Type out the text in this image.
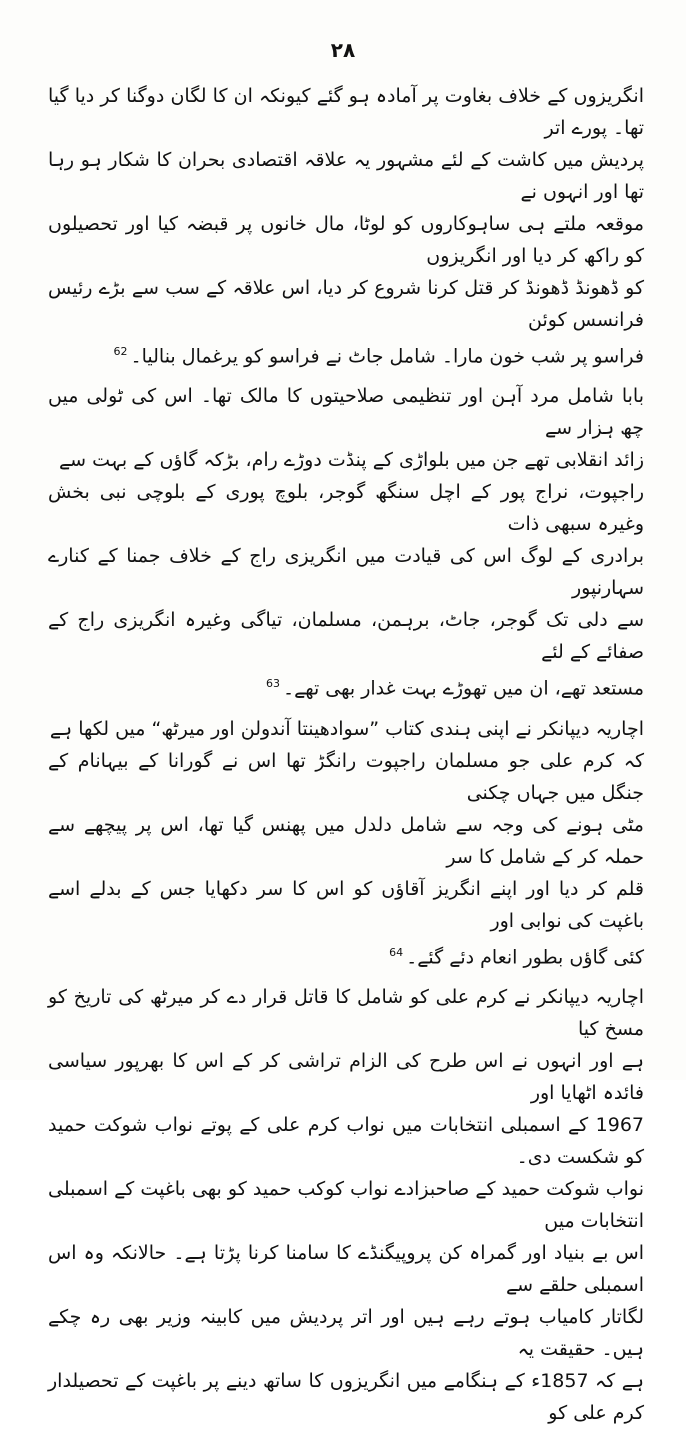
۲۸
انگریزوں کے خلاف بغاوت پر آمادہ ہو گئے کیونکہ ان کا لگان دوگنا کر دیا گیا تھا۔ پورے اتر
پردیش میں کاشت کے لئے مشہور یہ علاقہ اقتصادی بحران کا شکار ہو رہا تھا اور انہوں نے
موقعہ ملتے ہی ساہوکاروں کو لوٹا، مال خانوں پر قبضہ کیا اور تحصیلوں کو راکھ کر دیا اور انگریزوں
کو ڈھونڈ ڈھونڈ کر قتل کرنا شروع کر دیا، اس علاقہ کے سب سے بڑے رئیس فرانسس کوئن
فراسو پر شب خون مارا۔ شامل جاٹ نے فراسو کو یرغمال بنالیا۔$^{62}$
بابا شامل مرد آہن اور تنظیمی صلاحیتوں کا مالک تھا۔ اس کی ٹولی میں چھ ہزار سے
زائد انقلابی تھے جن میں بلواڑی کے پنڈت دوڑے رام، بڑکہ گاؤں کے بہت سے
راجپوت، نراج پور کے اچل سنگھ گوجر، بلوچ پوری کے بلوچی نبی بخش وغیرہ سبھی ذات
برادری کے لوگ اس کی قیادت میں انگریزی راج کے خلاف جمنا کے کنارے سہارنپور
سے دلی تک گوجر، جاٹ، برہمن، مسلمان، تیاگی وغیرہ انگریزی راج کے صفائے کے لئے
مستعد تھے، ان میں تھوڑے بہت غدار بھی تھے۔$^{63}$
اچاریہ دیپانکر نے اپنی ہندی کتاب ”سوادھینتا آندولن اور میرٹھ“ میں لکھا ہے
کہ کرم علی جو مسلمان راجپوت رانگڑ تھا اس نے گورانا کے بیہانام کے جنگل میں جہاں چکنی
مٹی ہونے کی وجہ سے شامل دلدل میں پھنس گیا تھا، اس پر پیچھے سے حملہ کر کے شامل کا سر
قلم کر دیا اور اپنے انگریز آقاؤں کو اس کا سر دکھایا جس کے بدلے اسے باغپت کی نوابی اور
کئی گاؤں بطور انعام دئے گئے۔$^{64}$
اچاریہ دیپانکر نے کرم علی کو شامل کا قاتل قرار دے کر میرٹھ کی تاریخ کو مسخ کیا
ہے اور انہوں نے اس طرح کی الزام تراشی کر کے اس کا بھرپور سیاسی فائدہ اٹھایا اور
1967 کے اسمبلی انتخابات میں نواب کرم علی کے پوتے نواب شوکت حمید کو شکست دی۔
نواب شوکت حمید کے صاحبزادے نواب کوکب حمید کو بھی باغپت کے اسمبلی انتخابات میں
اس بے بنیاد اور گمراہ کن پروپیگنڈے کا سامنا کرنا پڑتا ہے۔ حالانکہ وہ اس اسمبلی حلقے سے
لگاتار کامیاب ہوتے رہے ہیں اور اتر پردیش میں کابینہ وزیر بھی رہ چکے ہیں۔ حقیقت یہ
ہے کہ 1857ء کے ہنگامے میں انگریزوں کا ساتھ دینے پر باغپت کے تحصیلدار کرم علی کو
